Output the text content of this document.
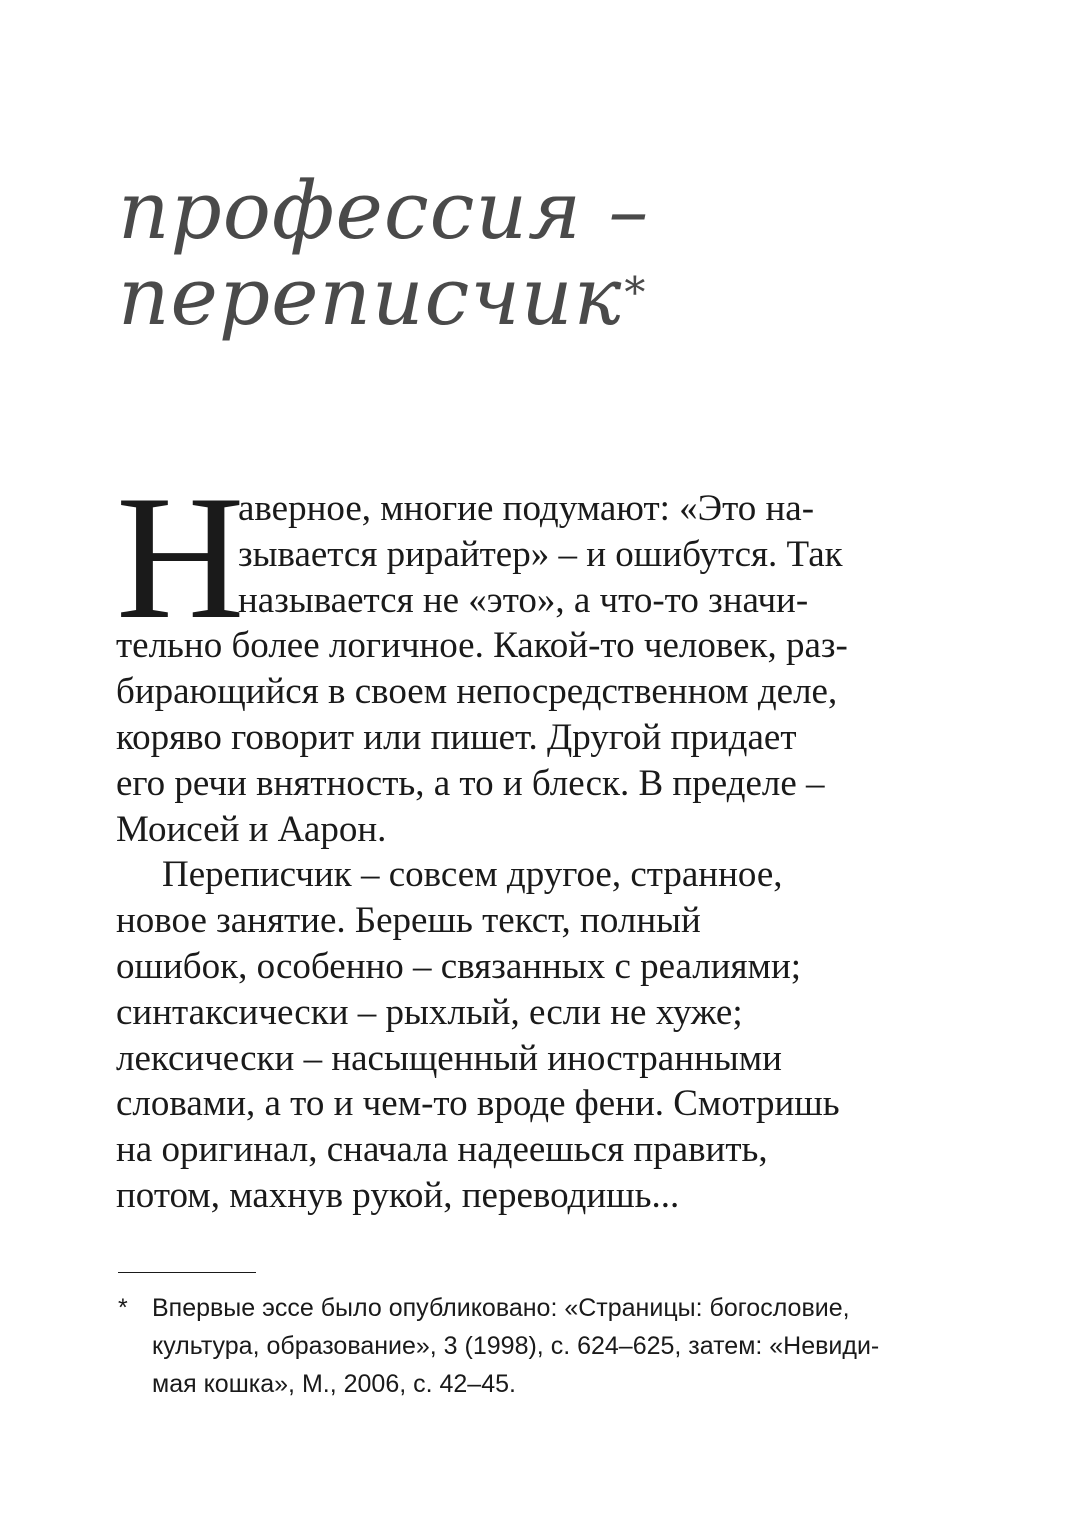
профессия –
переписчик*
Н
аверное, многие подумают: «Это на-
зывается рирайтер» – и ошибутся. Так
называется не «это», а что-то значи-
тельно более логичное. Какой-то человек, раз-
бирающийся в своем непосредственном деле,
коряво говорит или пишет. Другой придает
его речи внятность, а то и блеск. В пределе –
Моисей и Аарон.
Переписчик – совсем другое, странное,
новое занятие. Берешь текст, полный
ошибок, особенно – связанных с реалиями;
синтаксически – рыхлый, если не хуже;
лексически – насыщенный иностранными
словами, а то и чем-то вроде фени. Смотришь
на оригинал, сначала надеешься править,
потом, махнув рукой, переводишь...
* Впервые эссе было опубликовано: «Страницы: богословие,
культура, образование», 3 (1998), с. 624–625, затем: «Невиди-
мая кошка», М., 2006, с. 42–45.
